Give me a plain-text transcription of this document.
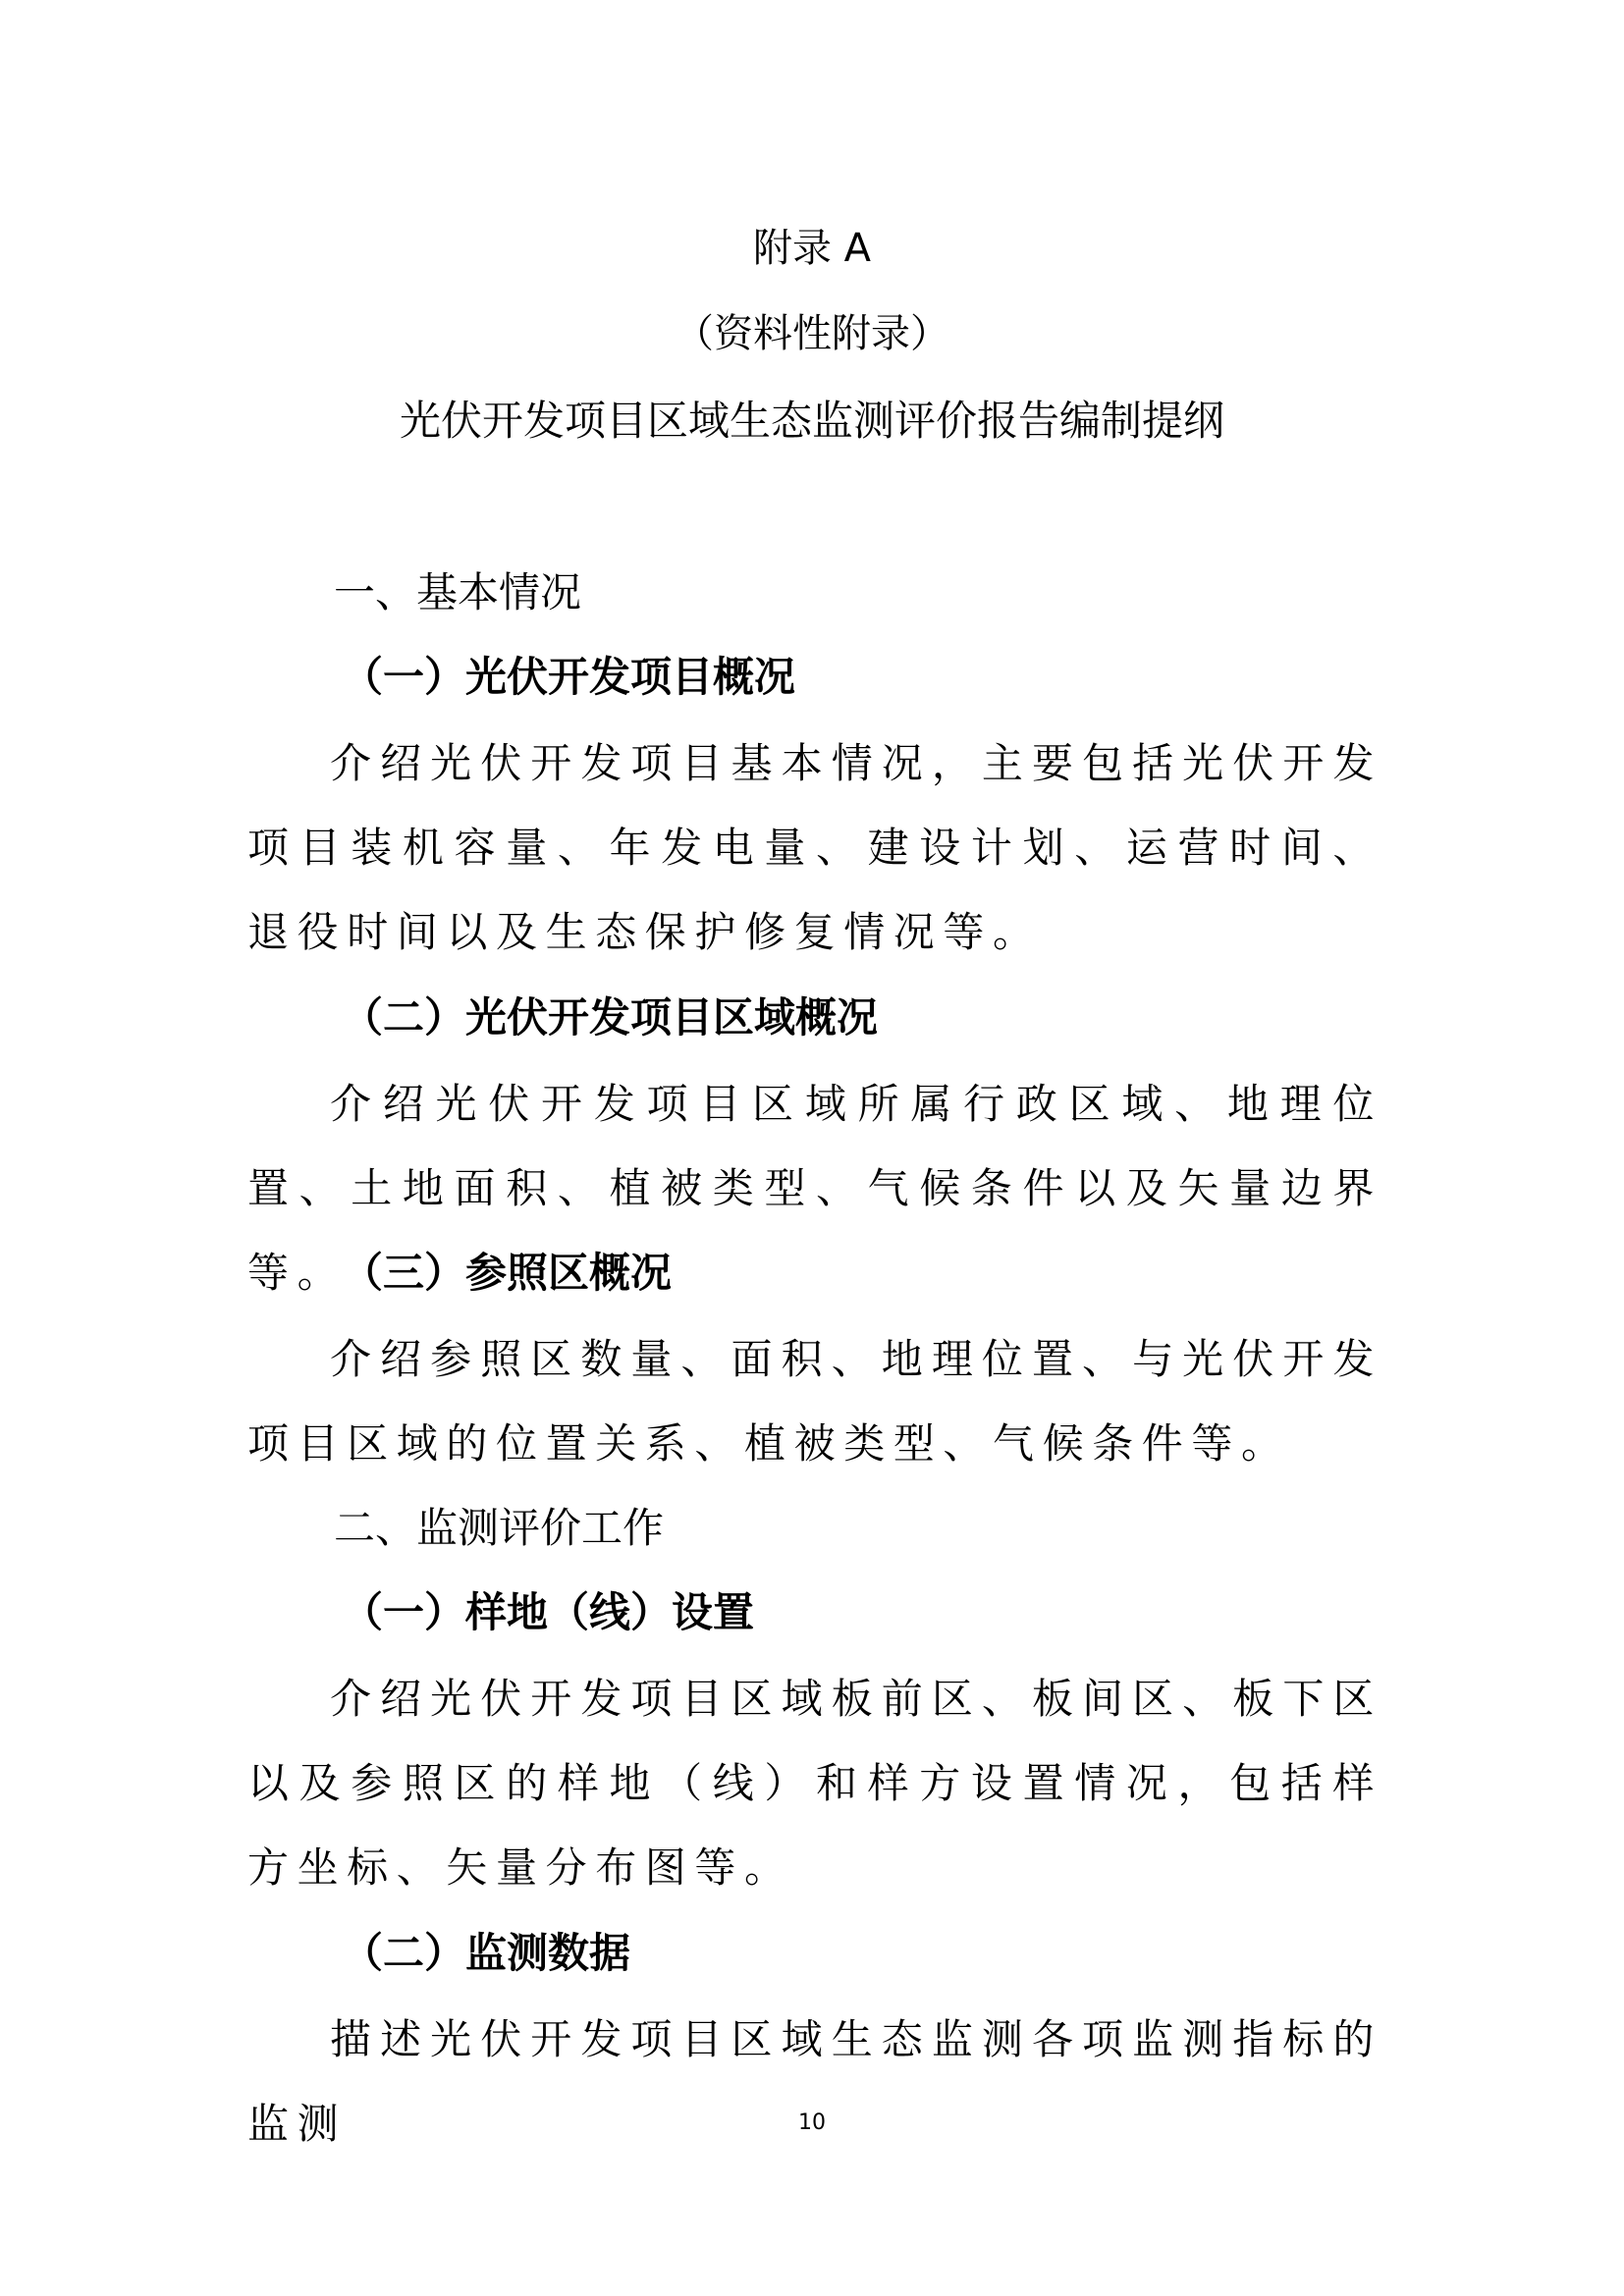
附录 A
（资料性附录）
光伏开发项目区域生态监测评价报告编制提纲
一、基本情况
（一）光伏开发项目概况
介绍光伏开发项目基本情况，主要包括光伏开发项目装机容量、年发电量、建设计划、运营时间、退役时间以及生态保护修复情况等。
（二）光伏开发项目区域概况
介绍光伏开发项目区域所属行政区域、地理位置、土地面积、植被类型、气候条件以及矢量边界等。
（三）参照区概况
介绍参照区数量、面积、地理位置、与光伏开发项目区域的位置关系、植被类型、气候条件等。
二、监测评价工作
（一）样地（线）设置
介绍光伏开发项目区域板前区、板间区、板下区以及参照区的样地（线）和样方设置情况，包括样方坐标、矢量分布图等。
（二）监测数据
描述光伏开发项目区域生态监测各项监测指标的监测	10
